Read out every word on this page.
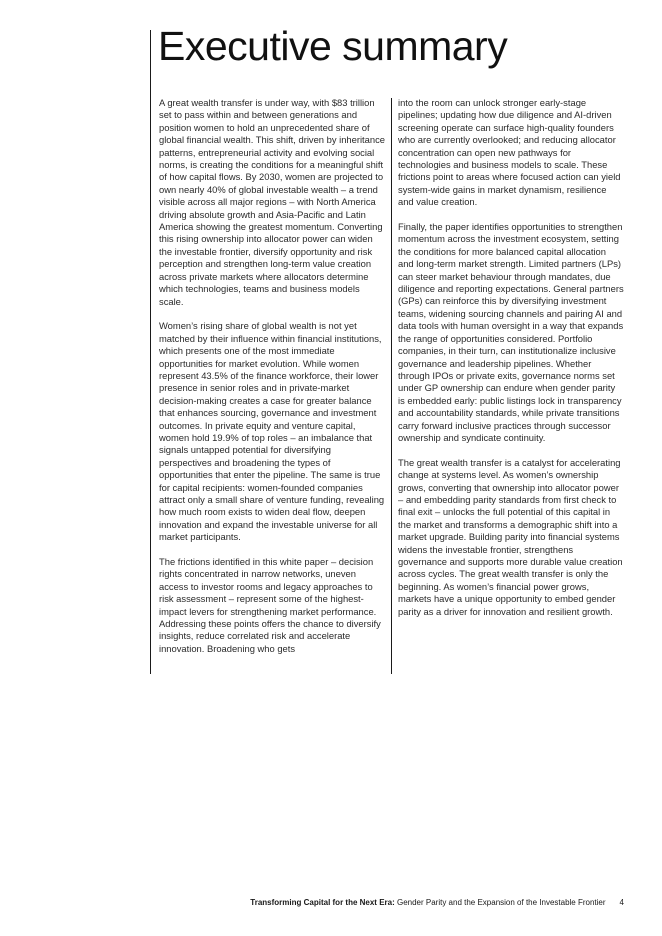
Executive summary

A great wealth transfer is under way, with $83 trillion set to pass within and between generations and position women to hold an unprecedented share of global financial wealth. This shift, driven by inheritance patterns, entrepreneurial activity and evolving social norms, is creating the conditions for a meaningful shift of how capital flows. By 2030, women are projected to own nearly 40% of global investable wealth – a trend visible across all major regions – with North America driving absolute growth and Asia-Pacific and Latin America showing the greatest momentum. Converting this rising ownership into allocator power can widen the investable frontier, diversify opportunity and risk perception and strengthen long-term value creation across private markets where allocators determine which technologies, teams and business models scale.

Women’s rising share of global wealth is not yet matched by their influence within financial institutions, which presents one of the most immediate opportunities for market evolution. While women represent 43.5% of the finance workforce, their lower presence in senior roles and in private-market decision-making creates a case for greater balance that enhances sourcing, governance and investment outcomes. In private equity and venture capital, women hold 19.9% of top roles – an imbalance that signals untapped potential for diversifying perspectives and broadening the types of opportunities that enter the pipeline. The same is true for capital recipients: women-founded companies attract only a small share of venture funding, revealing how much room exists to widen deal flow, deepen innovation and expand the investable universe for all market participants.

The frictions identified in this white paper – decision rights concentrated in narrow networks, uneven access to investor rooms and legacy approaches to risk assessment – represent some of the highest-impact levers for strengthening market performance. Addressing these points offers the chance to diversify insights, reduce correlated risk and accelerate innovation. Broadening who gets

into the room can unlock stronger early-stage pipelines; updating how due diligence and AI-driven screening operate can surface high-quality founders who are currently overlooked; and reducing allocator concentration can open new pathways for technologies and business models to scale. These frictions point to areas where focused action can yield system-wide gains in market dynamism, resilience and value creation.

Finally, the paper identifies opportunities to strengthen momentum across the investment ecosystem, setting the conditions for more balanced capital allocation and long-term market strength. Limited partners (LPs) can steer market behaviour through mandates, due diligence and reporting expectations. General partners (GPs) can reinforce this by diversifying investment teams, widening sourcing channels and pairing AI and data tools with human oversight in a way that expands the range of opportunities considered. Portfolio companies, in their turn, can institutionalize inclusive governance and leadership pipelines. Whether through IPOs or private exits, governance norms set under GP ownership can endure when gender parity is embedded early: public listings lock in transparency and accountability standards, while private transitions carry forward inclusive practices through successor ownership and syndicate continuity.

The great wealth transfer is a catalyst for accelerating change at systems level. As women’s ownership grows, converting that ownership into allocator power – and embedding parity standards from first check to final exit – unlocks the full potential of this capital in the market and transforms a demographic shift into a market upgrade. Building parity into financial systems widens the investable frontier, strengthens governance and supports more durable value creation across cycles. The great wealth transfer is only the beginning. As women’s financial power grows, markets have a unique opportunity to embed gender parity as a driver for innovation and resilient growth.

Transforming Capital for the Next Era: Gender Parity and the Expansion of the Investable Frontier 4
